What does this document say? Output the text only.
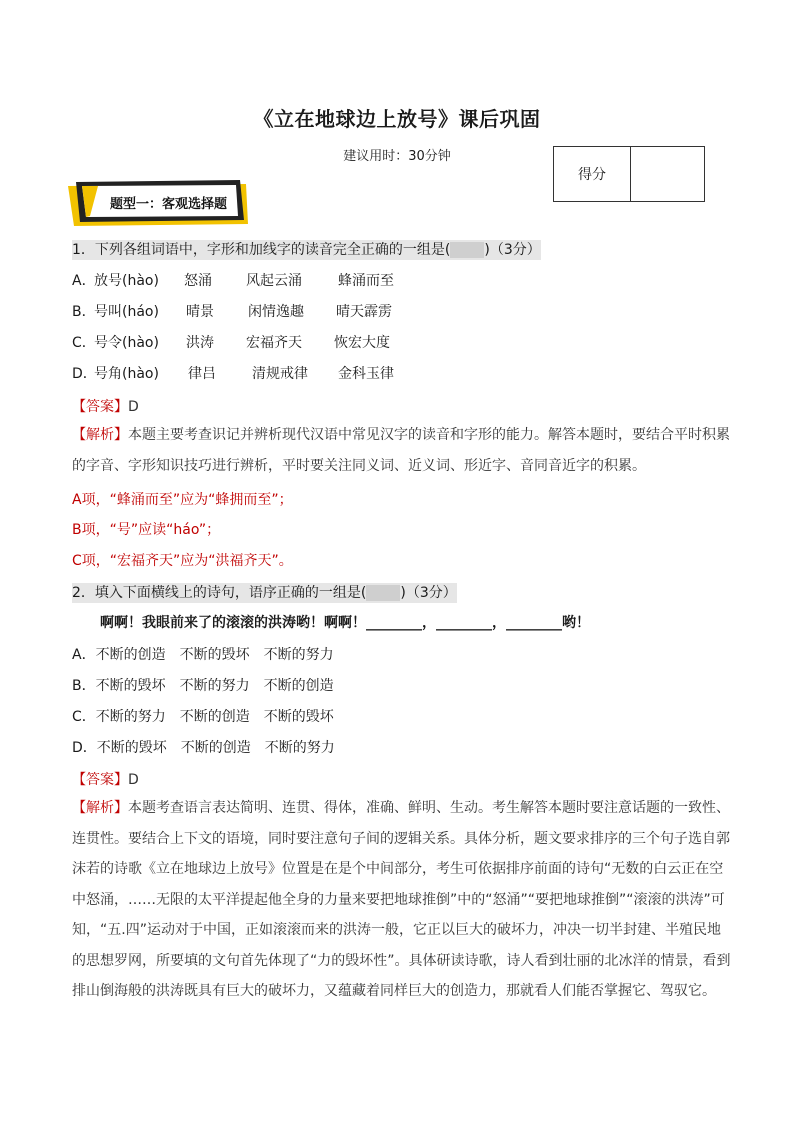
《立在地球边上放号》课后巩固
建议用时：30分钟
得分
题型一：客观选择题
1．下列各组词语中，字形和加线字的读音完全正确的一组是( )（3分）
A．放号(hào) 怒涌 风起云涌	蜂涌而至
B．号叫(háo) 晴景 闲情逸趣 晴天霹雳
C．号令(hào) 洪涛 宏福齐天 恢宏大度
D．号角(hào) 律吕	清规戒律 金科玉律
【答案】D
【解析】本题主要考查识记并辨析现代汉语中常见汉字的读音和字形的能力。解答本题时，要结合平时积累的字音、字形知识技巧进行辨析，平时要关注同义词、近义词、形近字、音同音近字的积累。
A项，“蜂涌而至”应为“蜂拥而至”；
B项，“号”应读“háo”；
C项，“宏福齐天”应为“洪福齐天”。
2．填入下面横线上的诗句，语序正确的一组是( )（3分）
啊啊！我眼前来了的滚滚的洪涛哟！啊啊！________，________，________哟！
A．不断的创造　不断的毁坏　不断的努力
B．不断的毁坏　不断的努力　不断的创造
C．不断的努力　不断的创造　不断的毁坏
D．不断的毁坏　不断的创造　不断的努力
【答案】D
【解析】本题考查语言表达简明、连贯、得体，准确、鲜明、生动。考生解答本题时要注意话题的一致性、连贯性。要结合上下文的语境，同时要注意句子间的逻辑关系。具体分析，题文要求排序的三个句子选自郭沫若的诗歌《立在地球边上放号》位置是在是个中间部分，考生可依据排序前面的诗句“无数的白云正在空中怒涌，……无限的太平洋提起他全身的力量来要把地球推倒”中的“怒涌”“要把地球推倒”“滚滚的洪涛”可知，“五.四”运动对于中国，正如滚滚而来的洪涛一般，它正以巨大的破坏力，冲决一切半封建、半殖民地的思想罗网，所要填的文句首先体现了“力的毁坏性”。具体研读诗歌，诗人看到壮丽的北冰洋的情景，看到排山倒海般的洪涛既具有巨大的破坏力，又蕴藏着同样巨大的创造力，那就看人们能否掌握它、驾驭它。
